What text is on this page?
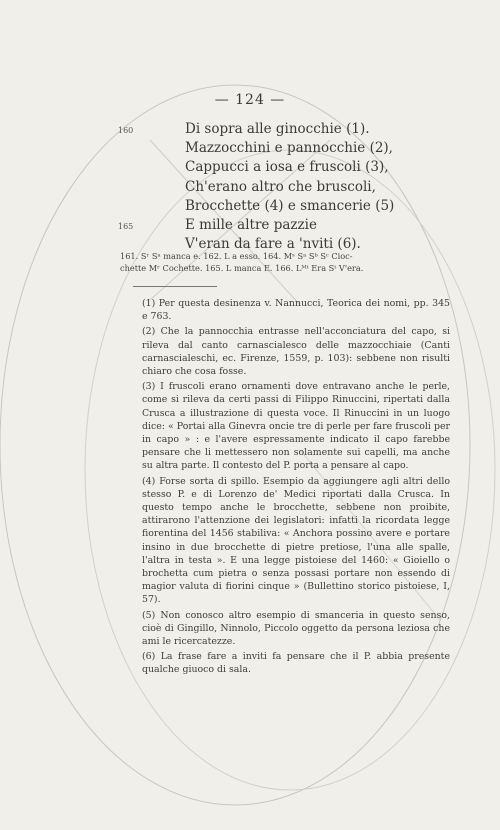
— 124 —
160	Di sopra alle ginocchie (1).
Mazzocchini e pannocchie (2),
Cappucci a iosa e fruscoli (3),
Ch'erano altro che bruscoli,
Brocchette (4) e smancerie (5)
165	E mille altre pazzie
V'eran da fare a 'nviti (6).
161. Sʳ Sᵃ manca e. 162. L a esso. 164. Mˢ Sᵃ Sᵇ Sᶜ Cioc-
chette Mʳ Cochette. 165. L manca E. 166. Lᴹᵗ Era Sᵗ V'era.

(1) Per questa desinenza v. Nannucci, Teorica dei nomi, pp. 345 e 763.

(2) Che la pannocchia entrasse nell'acconciatura del capo, si rileva dal canto carnascialesco delle mazzocchiaie (Canti carnascialeschi, ec. Firenze, 1559, p. 103): sebbene non risulti chiaro che cosa fosse.

(3) I fruscoli erano ornamenti dove entravano anche le perle, come si rileva da certi passi di Filippo Rinuccini, ripertati dalla Crusca a illustrazione di questa voce. Il Rinuccini in un luogo dice: « Portai alla Ginevra oncie tre di perle per fare fruscoli per in capo » : e l'avere espressamente indicato il capo farebbe pensare che li mettessero non solamente sui capelli, ma anche su altra parte. Il contesto del P. porta a pensare al capo.

(4) Forse sorta di spillo. Esempio da aggiungere agli altri dello stesso P. e di Lorenzo de' Medici riportati dalla Crusca. In questo tempo anche le brocchette, sebbene non proibite, attirarono l'attenzione dei legislatori: infatti la ricordata legge fiorentina del 1456 stabiliva: « Anchora possino avere e portare insino in due brocchette di pietre pretiose, l'una alle spalle, l'altra in testa ». E una legge pistoiese del 1460: « Gioiello o brochetta cum pietra o senza possasi portare non essendo di magior valuta di fiorini cinque » (Bullettino storico pistoiese, I, 57).

(5) Non conosco altro esempio di smanceria in questo senso, cioè di Gingillo, Ninnolo, Piccolo oggetto da persona leziosa che ami le ricercatezze.

(6) La frase fare a inviti fa pensare che il P. abbia presente qualche giuoco di sala.
